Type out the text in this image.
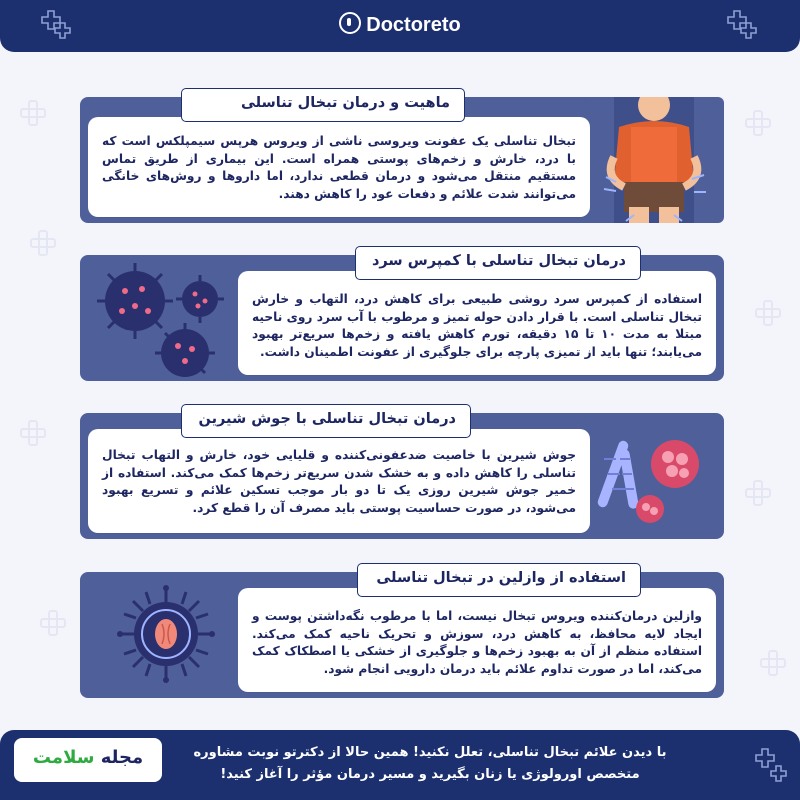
Doctoreto
تبخال تناسلی یک عفونت ویروسی ناشی از ویروس هرپس سیمپلکس است که با درد، خارش و زخم‌های پوستی همراه است. این بیماری از طریق تماس مستقیم منتقل می‌شود و درمان قطعی ندارد، اما داروها و روش‌های خانگی می‌توانند شدت علائم و دفعات عود را کاهش دهند.
ماهیت و درمان تبخال تناسلی
استفاده از کمپرس سرد روشی طبیعی برای کاهش درد، التهاب و خارش تبخال تناسلی است. با قرار دادن حوله تمیز و مرطوب با آب سرد روی ناحیه مبتلا به مدت ۱۰ تا ۱۵ دقیقه، تورم کاهش یافته و زخم‌ها سریع‌تر بهبود می‌یابند؛ تنها باید از تمیزی پارچه برای جلوگیری از عفونت اطمینان داشت.
درمان تبخال تناسلی با کمپرس سرد
جوش شیرین با خاصیت ضدعفونی‌کننده و قلیایی خود، خارش و التهاب تبخال تناسلی را کاهش داده و به خشک شدن سریع‌تر زخم‌ها کمک می‌کند. استفاده از خمیر جوش شیرین روزی یک تا دو بار موجب تسکین علائم و تسریع بهبود می‌شود، در صورت حساسیت پوستی باید مصرف آن را قطع کرد.
درمان تبخال تناسلی با جوش شیرین
وازلین درمان‌کننده ویروس تبخال نیست، اما با مرطوب نگه‌داشتن پوست و ایجاد لایه محافظ، به کاهش درد، سوزش و تحریک ناحیه کمک می‌کند. استفاده منظم از آن به بهبود زخم‌ها و جلوگیری از خشکی یا اصطکاک کمک می‌کند، اما در صورت تداوم علائم باید درمان دارویی انجام شود.
استفاده از وازلین در تبخال تناسلی
با دیدن علائم تبخال تناسلی، تعلل نکنید! همین حالا از دکترتو نوبت مشاوره
متخصص اورولوژی یا زنان بگیرید و مسیر درمان مؤثر را آغاز کنید!
مجله سلامت
